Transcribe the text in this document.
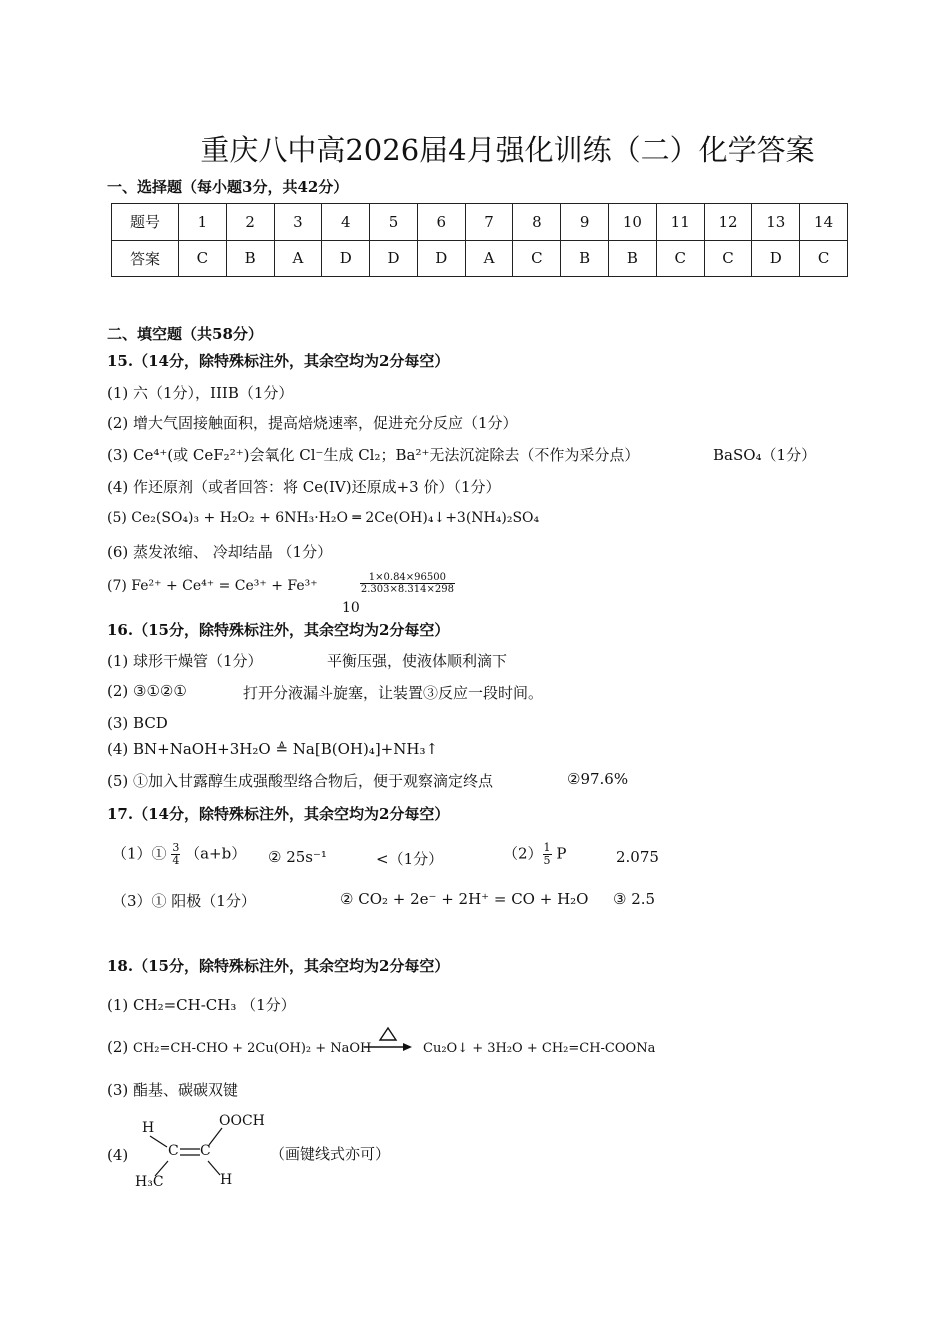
重庆八中高2026届4月强化训练（二）化学答案
一、选择题（每小题3分，共42分）
题号	1	2	3	4	5	6	7	8	9	10	11	12	13	14
答案	C	B	A	D	D	D	A	C	B	B	C	C	D	C
二、填空题（共58分）
15.（14分，除特殊标注外，其余空均为2分每空）
(1) 六（1分），IIIB（1分）
(2) 增大气固接触面积，提高焙烧速率，促进充分反应（1分）
(3) Ce⁴⁺(或 CeF₂²⁺)会氧化 Cl⁻生成 Cl₂；Ba²⁺无法沉淀除去（不作为采分点）	BaSO₄（1分）
(4) 作还原剂（或者回答：将 Ce(IV)还原成+3 价）（1分）
(5) Ce₂(SO₄)₃ + H₂O₂ + 6NH₃·H₂O ═ 2Ce(OH)₄↓+3(NH₄)₂SO₄
(6) 蒸发浓缩、 冷却结晶 （1分）
(7) Fe²⁺ + Ce⁴⁺ = Ce³⁺ + Fe³⁺
10
$\frac{1\times 0.84\times 96500}{2.303\times 8.314\times 298}$
16.（15分，除特殊标注外，其余空均为2分每空）
(1) 球形干燥管（1分）	平衡压强，使液体顺利滴下
(2) ③①②①	打开分液漏斗旋塞，让装置③反应一段时间。
(3) BCD
(4) BN+NaOH+3H₂O ≜ Na[B(OH)₄]+NH₃↑
(5) ①加入甘露醇生成强酸型络合物后，便于观察滴定终点	②97.6%
17.（14分，除特殊标注外，其余空均为2分每空）
（1）① $\frac{3}{4} (a+b)$ ② 25s⁻¹	<（1分）	$(2) \frac{1}{5}$ P	2.075
（3）① 阳极（1分）	② CO₂ + 2e⁻ + 2H⁺ = CO + H₂O ③ 2.5
18.（15分，除特殊标注外，其余空均为2分每空）
(1) CH₂=CH-CH₃ （1分）
(2) CH₂=CH-CHO + 2Cu(OH)₂ + NaOH	Cu₂O↓ + 3H₂O + CH₂=CH-COONa
(3) 酯基、碳碳双键
(4)
H
C C
OOCH
H₃C	H
（画键线式亦可）
